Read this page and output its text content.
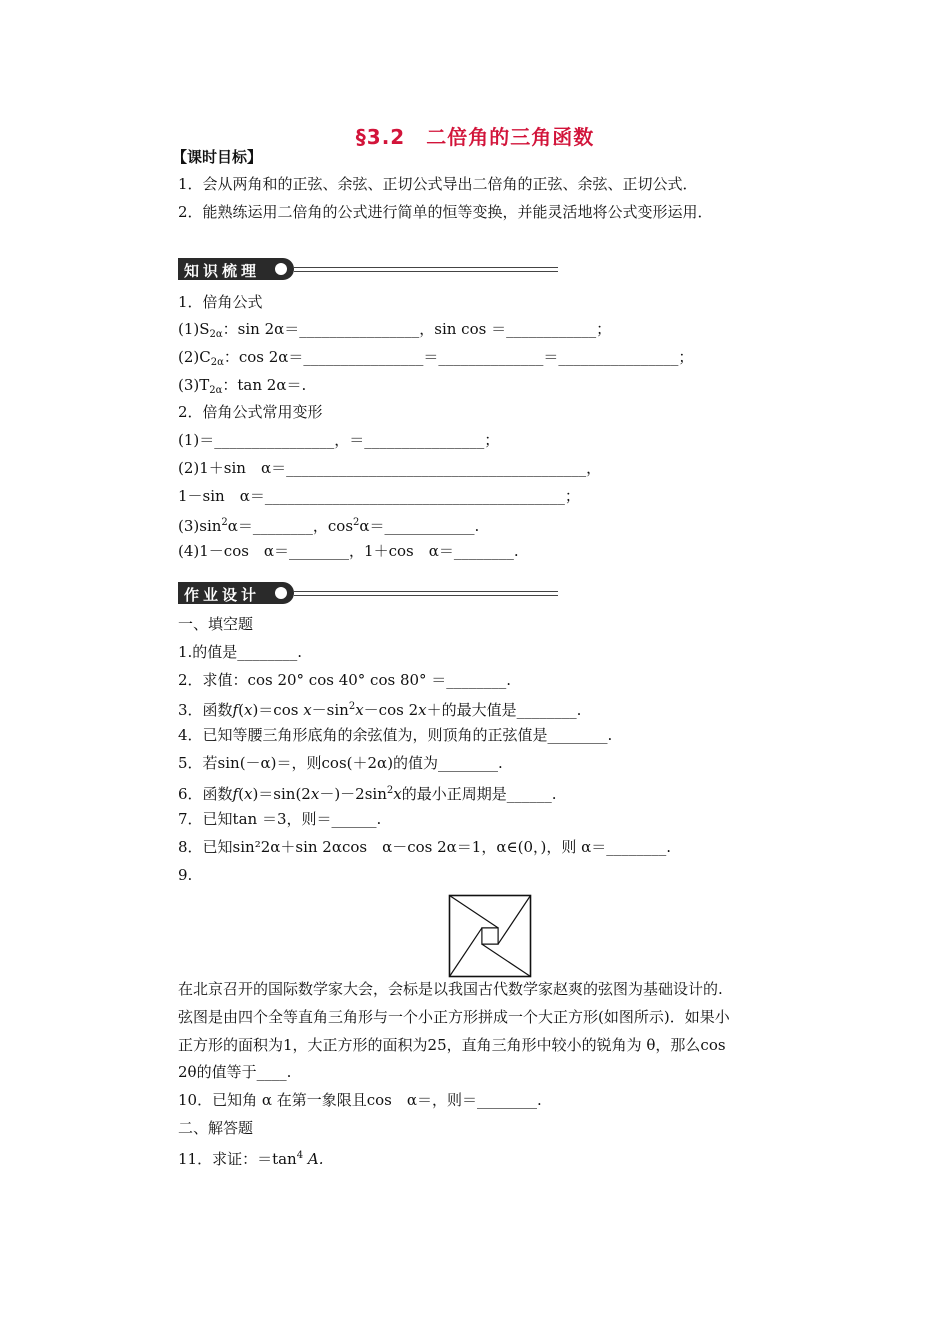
§3.2　二倍角的三角函数
【课时目标】
1．会从两角和的正弦、余弦、正切公式导出二倍角的正弦、余弦、正切公式．
2．能熟练运用二倍角的公式进行简单的恒等变换，并能灵活地将公式变形运用．
知识梳理
1．倍角公式
$(1)S_{2\alpha}$：sin 2α＝________________，sin cos ＝____________；
$(2)C_{2\alpha}$：cos 2α＝________________＝______________＝________________；
$(3)T_{2\alpha}$：tan 2α＝.
2．倍角公式常用变形
(1)＝________________，＝________________；
(2)1＋sin　α＝________________________________________，
1－sin　α＝________________________________________；
$(3)\sin^2\alpha=\_\_\_\_\_\_\_\_$，$\cos^2\alpha=\_\_\_\_\_\_\_\_\_\_\_\_$.
(4)1－cos　α＝________，1＋cos　α＝________.
作业设计
一、填空题
1.的值是________.
2．求值：cos 20° cos 40° cos 80° ＝________.
3．函数f(x)＝cos $x-\sin^2x-\cos$ 2x＋的最大值是________.
4．已知等腰三角形底角的余弦值为，则顶角的正弦值是________.
5．若sin(－α)＝，则cos(＋2α)的值为________.
6．函数$f(x)=\sin(2x-)-2\sin^2x$的最小正周期是______.
7．已知tan ＝3，则＝______.
8．已知sin²2α＋sin 2αcos　α－cos 2α＝1，α∈(0，)，则 α＝________.
9.
在北京召开的国际数学家大会，会标是以我国古代数学家赵爽的弦图为基础设计的.
弦图是由四个全等直角三角形与一个小正方形拼成一个大正方形(如图所示)．如果小
正方形的面积为1，大正方形的面积为25，直角三角形中较小的锐角为 θ，那么cos
2θ的值等于____.
10．已知角 α 在第一象限且cos　α＝，则＝________.
二、解答题
11．求证：$=\tan^4$ A.
